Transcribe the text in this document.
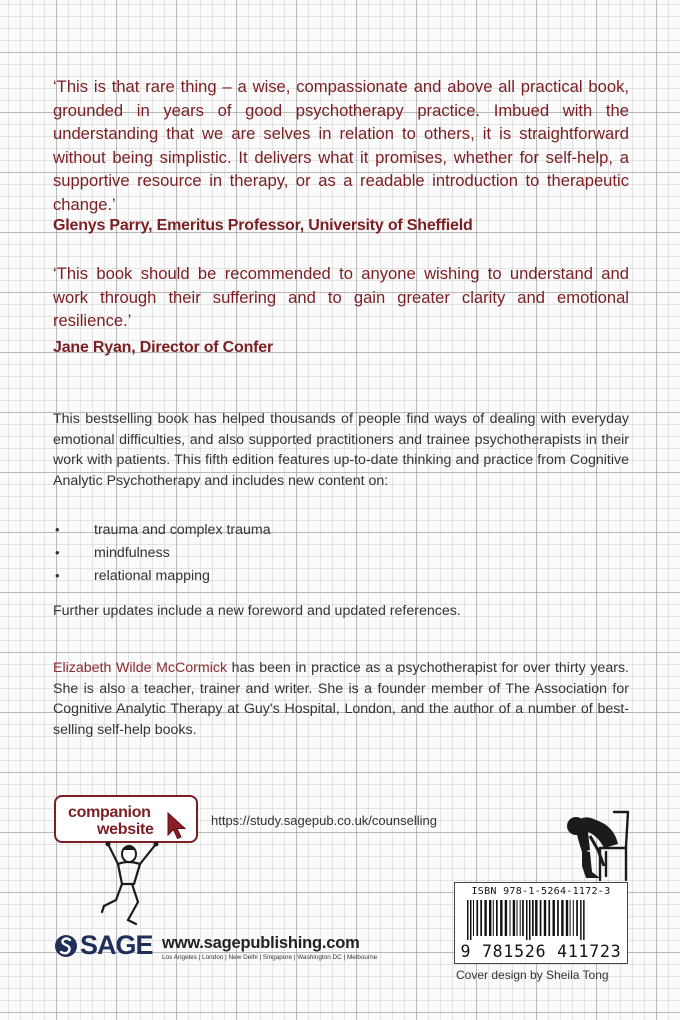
‘This is that rare thing – a wise, compassionate and above all practical book, grounded in years of good psychotherapy practice. Imbued with the understanding that we are selves in relation to others, it is straightforward without being simplistic. It delivers what it promises, whether for self-help, a supportive resource in therapy, or as a readable introduction to therapeutic change.’
Glenys Parry, Emeritus Professor, University of Sheffield
‘This book should be recommended to anyone wishing to understand and work through their suffering and to gain greater clarity and emotional resilience.’
Jane Ryan, Director of Confer
This bestselling book has helped thousands of people find ways of dealing with everyday emotional difficulties, and also supported practitioners and trainee psychotherapists in their work with patients. This fifth edition features up-to-date thinking and practice from Cognitive Analytic Psychotherapy and includes new content on:
• trauma and complex trauma
• mindfulness
• relational mapping
Further updates include a new foreword and updated references.
Elizabeth Wilde McCormick has been in practice as a psychotherapist for over thirty years. She is also a teacher, trainer and writer. She is a founder member of The Association for Cognitive Analytic Therapy at Guy's Hospital, London, and the author of a number of best-selling self-help books.
companion
website
https://study.sagepub.co.uk/counselling
SAGE www.sagepublishing.com
Los Angeles | London | New Delhi | Singapore | Washington DC | Melbourne
ISBN 978-1-5264-1172-3
9 781526 411723
Cover design by Sheila Tong
